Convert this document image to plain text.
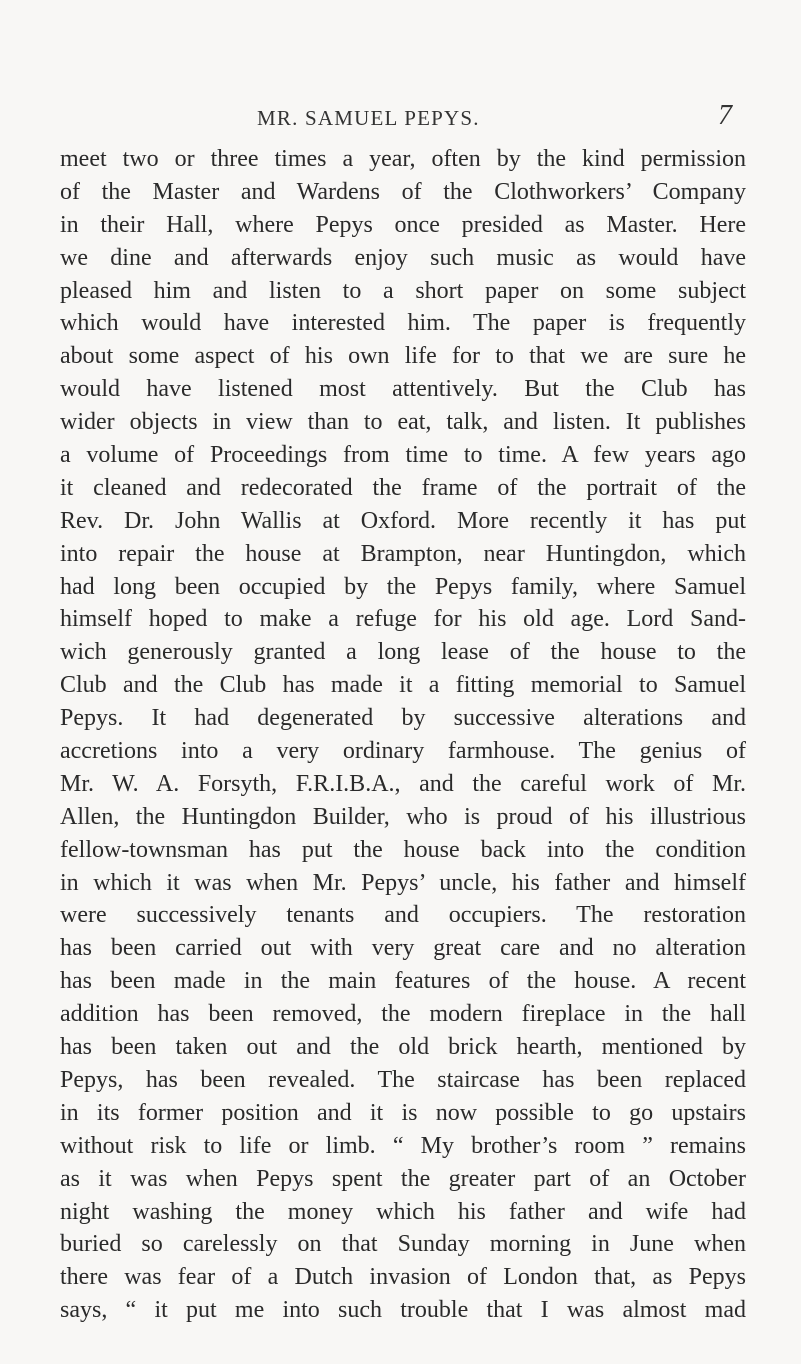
MR. SAMUEL PEPYS.	7
meet two or three times a year, often by the kind permission
of the Master and Wardens of the Clothworkers’ Company
in their Hall, where Pepys once presided as Master. Here
we dine and afterwards enjoy such music as would have
pleased him and listen to a short paper on some subject
which would have interested him. The paper is frequently
about some aspect of his own life for to that we are sure he
would have listened most attentively. But the Club has
wider objects in view than to eat, talk, and listen. It publishes
a volume of Proceedings from time to time. A few years ago
it cleaned and redecorated the frame of the portrait of the
Rev. Dr. John Wallis at Oxford. More recently it has put
into repair the house at Brampton, near Huntingdon, which
had long been occupied by the Pepys family, where Samuel
himself hoped to make a refuge for his old age. Lord Sand-
wich generously granted a long lease of the house to the
Club and the Club has made it a fitting memorial to Samuel
Pepys. It had degenerated by successive alterations and
accretions into a very ordinary farmhouse. The genius of
Mr. W. A. Forsyth, F.R.I.B.A., and the careful work of Mr.
Allen, the Huntingdon Builder, who is proud of his illustrious
fellow-townsman has put the house back into the condition
in which it was when Mr. Pepys’ uncle, his father and himself
were successively tenants and occupiers. The restoration
has been carried out with very great care and no alteration
has been made in the main features of the house. A recent
addition has been removed, the modern fireplace in the hall
has been taken out and the old brick hearth, mentioned by
Pepys, has been revealed. The staircase has been replaced
in its former position and it is now possible to go upstairs
without risk to life or limb. “ My brother’s room ” remains
as it was when Pepys spent the greater part of an October
night washing the money which his father and wife had
buried so carelessly on that Sunday morning in June when
there was fear of a Dutch invasion of London that, as Pepys
says, “ it put me into such trouble that I was almost mad
